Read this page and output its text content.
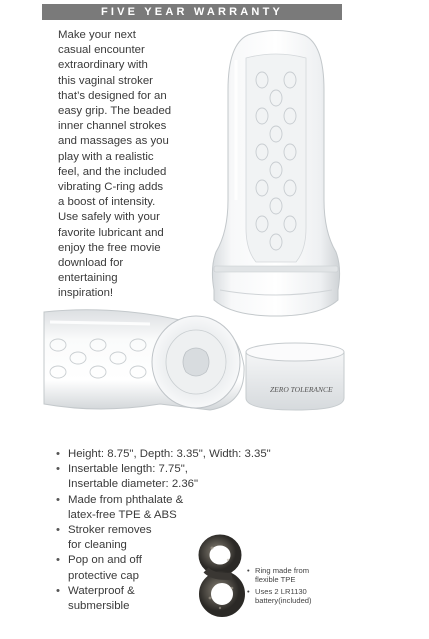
FIVE YEAR WARRANTY
Make your next
casual encounter
extraordinary with
this vaginal stroker
that’s designed for an
easy grip. The beaded
inner channel strokes
and massages as you
play with a realistic
feel, and the included
vibrating C-ring adds
a boost of intensity.
Use safely with your
favorite lubricant and
enjoy the free movie
download for
entertaining
inspiration!
ZERO TOLERANCE
• Height: 8.75", Depth: 3.35", Width: 3.35"
• Insertable length: 7.75",
Insertable diameter: 2.36"
• Made from phthalate &
latex-free TPE & ABS
• Stroker removes
for cleaning
• Pop on and off
protective cap
• Waterproof &
submersible
• Ring made from
flexible TPE
• Uses 2 LR1130
battery(included)
